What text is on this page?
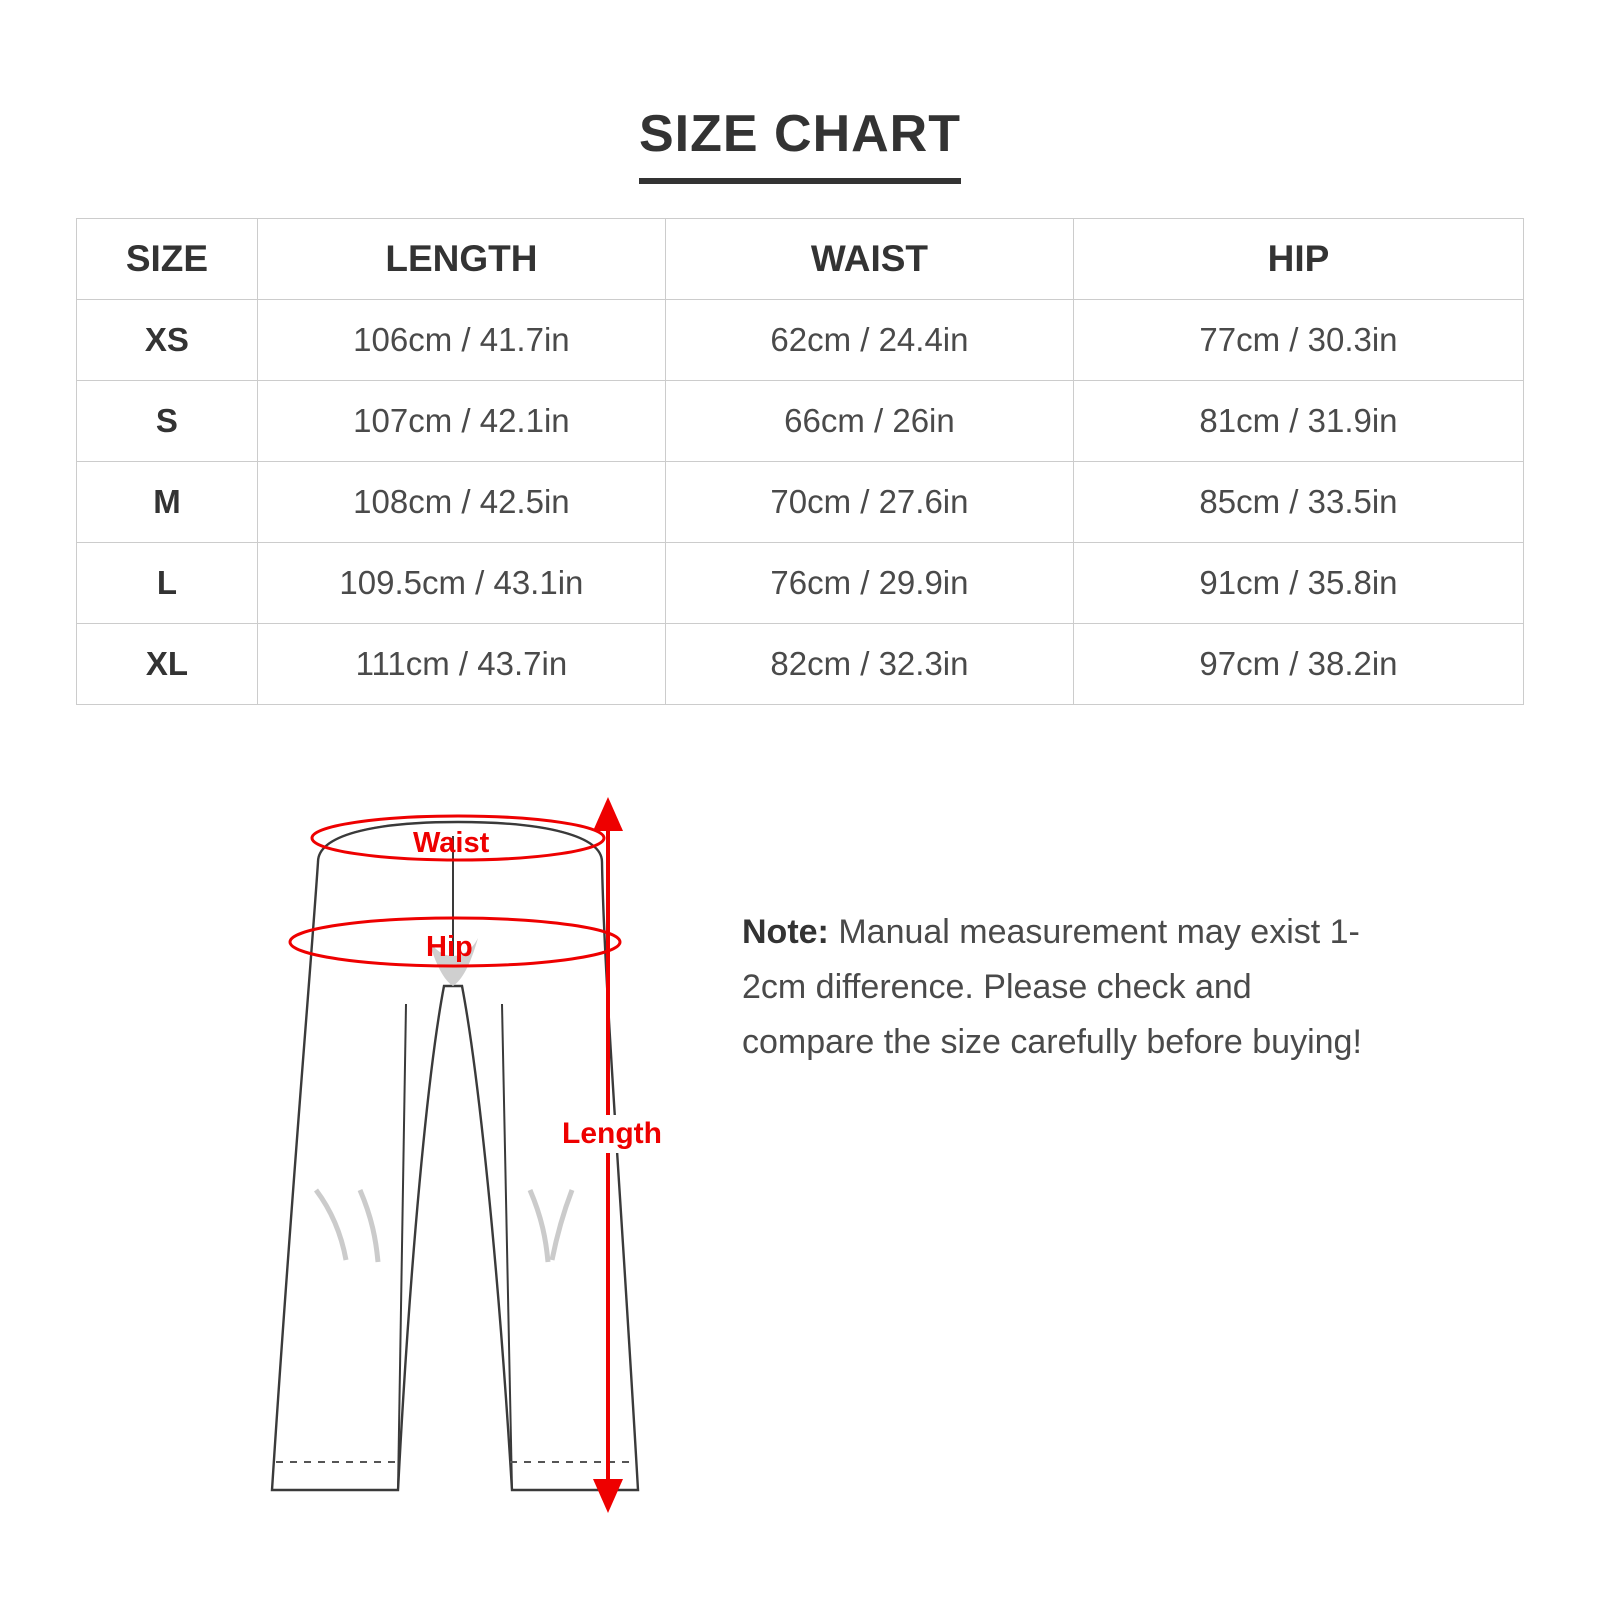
SIZE CHART
SIZE	LENGTH	WAIST	HIP
XS	106cm / 41.7in	62cm / 24.4in	77cm / 30.3in
S	107cm / 42.1in	66cm / 26in	81cm / 31.9in
M	108cm / 42.5in	70cm / 27.6in	85cm / 33.5in
L	109.5cm / 43.1in	76cm / 29.9in	91cm / 35.8in
XL	111cm / 43.7in	82cm / 32.3in	97cm / 38.2in
Waist
Hip
Length
Note: Manual measurement may exist 1-2cm difference. Please check and compare the size carefully before buying!
